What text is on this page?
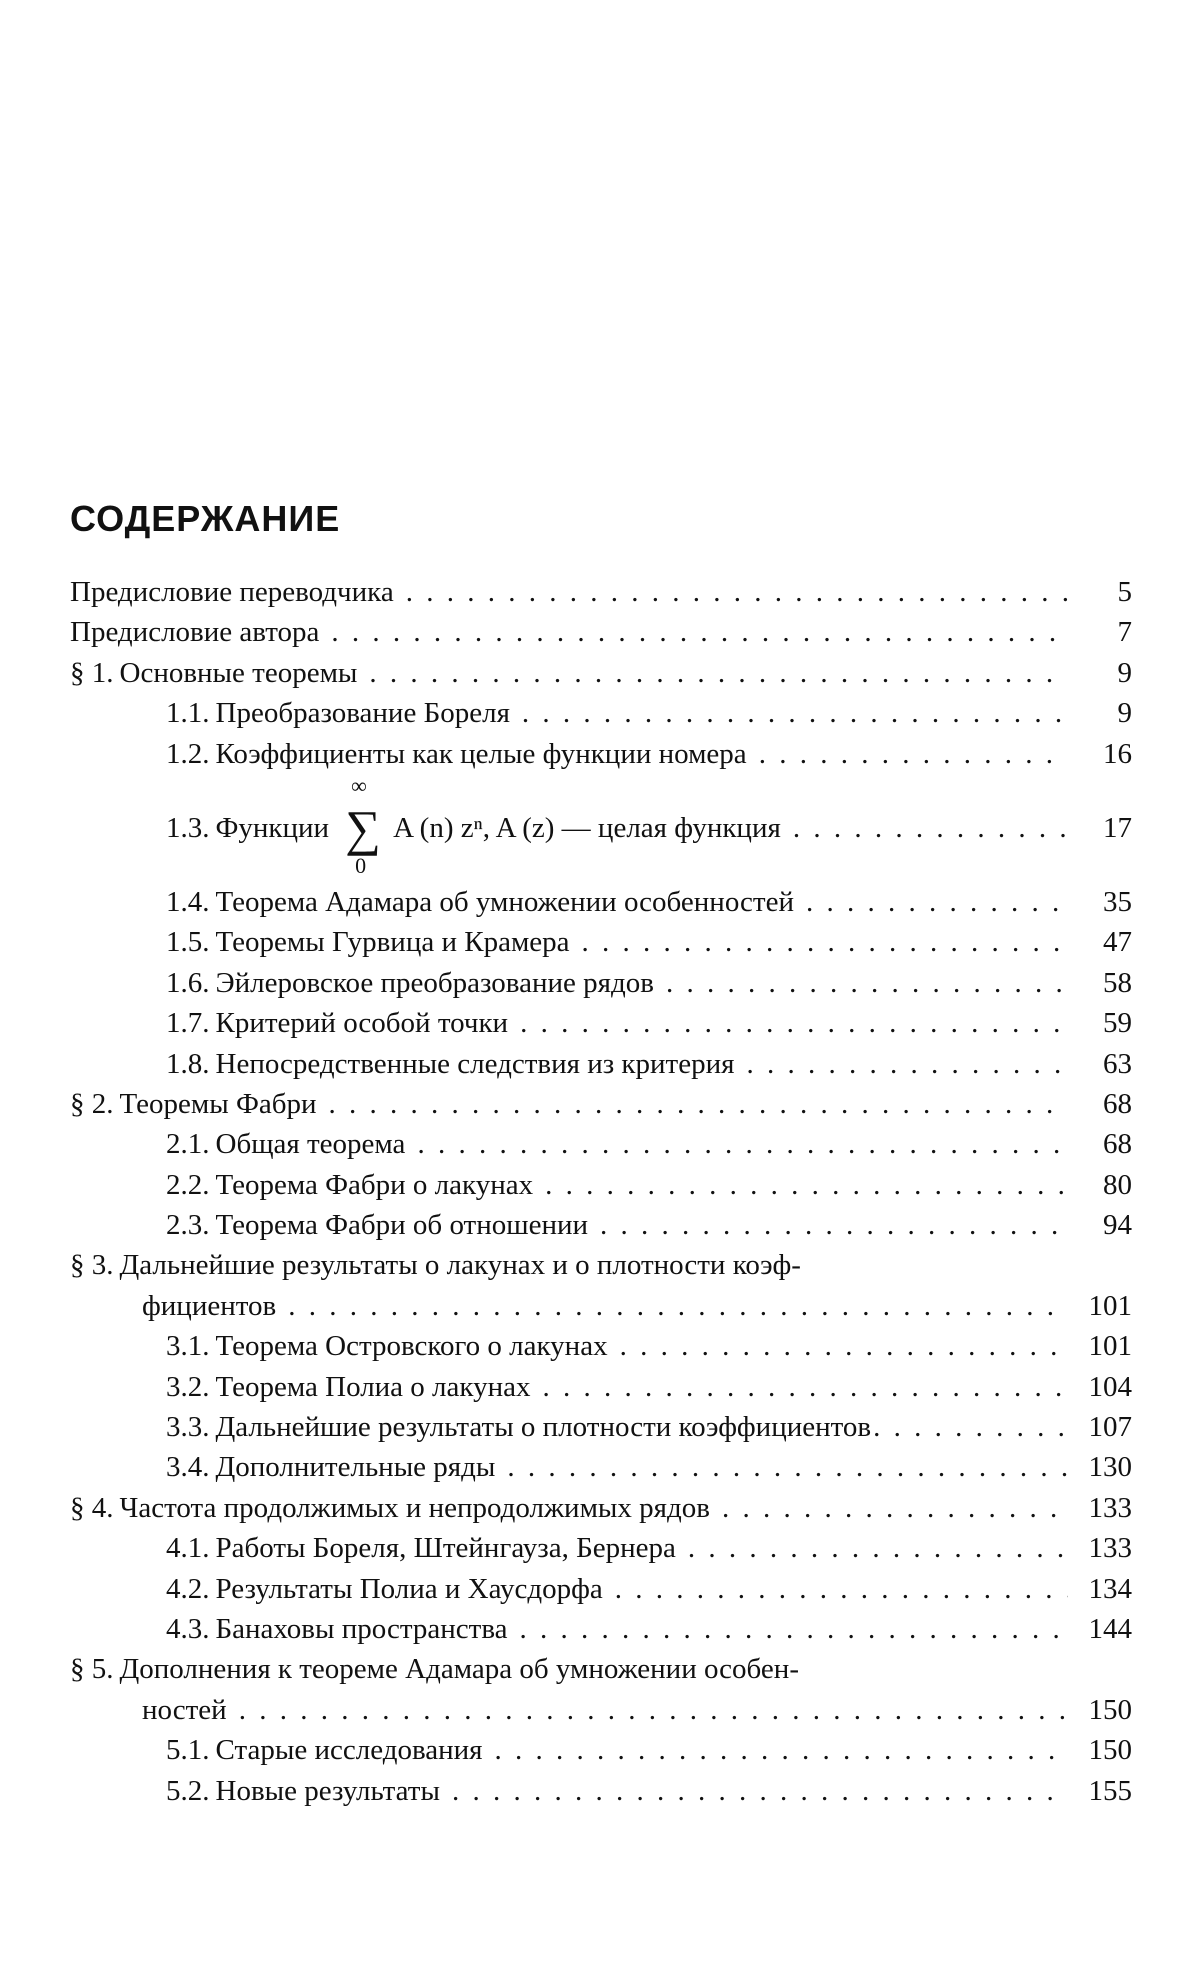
СОДЕРЖАНИЕ
Предисловие переводчика . . .	5
Предисловие автора . . .	7
§ 1. Основные теоремы . . .	9
1.1. Преобразование Бореля . . .	9
1.2. Коэффициенты как целые функции номера . . .	16
1.3. Функции
∞
∑
0
A (n) zⁿ, A (z) — целая функция . . .	17
1.4. Теорема Адамара об умножении особенностей . . .	35
1.5. Теоремы Гурвица и Крамера . . .	47
1.6. Эйлеровское преобразование рядов . . .	58
1.7. Критерий особой точки . . .	59
1.8. Непосредственные следствия из критерия . . .	63
§ 2. Теоремы Фабри . . .	68
2.1. Общая теорема . . .	68
2.2. Теорема Фабри о лакунах . . .	80
2.3. Теорема Фабри об отношении . . .	94
§ 3. Дальнейшие результаты о лакунах и о плотности коэф-
фициентов . . .	101
3.1. Теорема Островского о лакунах . . .	101
3.2. Теорема Полиа о лакунах . . .	104
3.3. Дальнейшие результаты о плотности коэффициентов . . .	107
3.4. Дополнительные ряды . . .	130
§ 4. Частота продолжимых и непродолжимых рядов . . .	133
4.1. Работы Бореля, Штейнгауза, Бернера . . .	133
4.2. Результаты Полиа и Хаусдорфа . . .	134
4.3. Банаховы пространства . . .	144
§ 5. Дополнения к теореме Адамара об умножении особен-
ностей . . .	150
5.1. Старые исследования . . .	150
5.2. Новые результаты . . .	155
